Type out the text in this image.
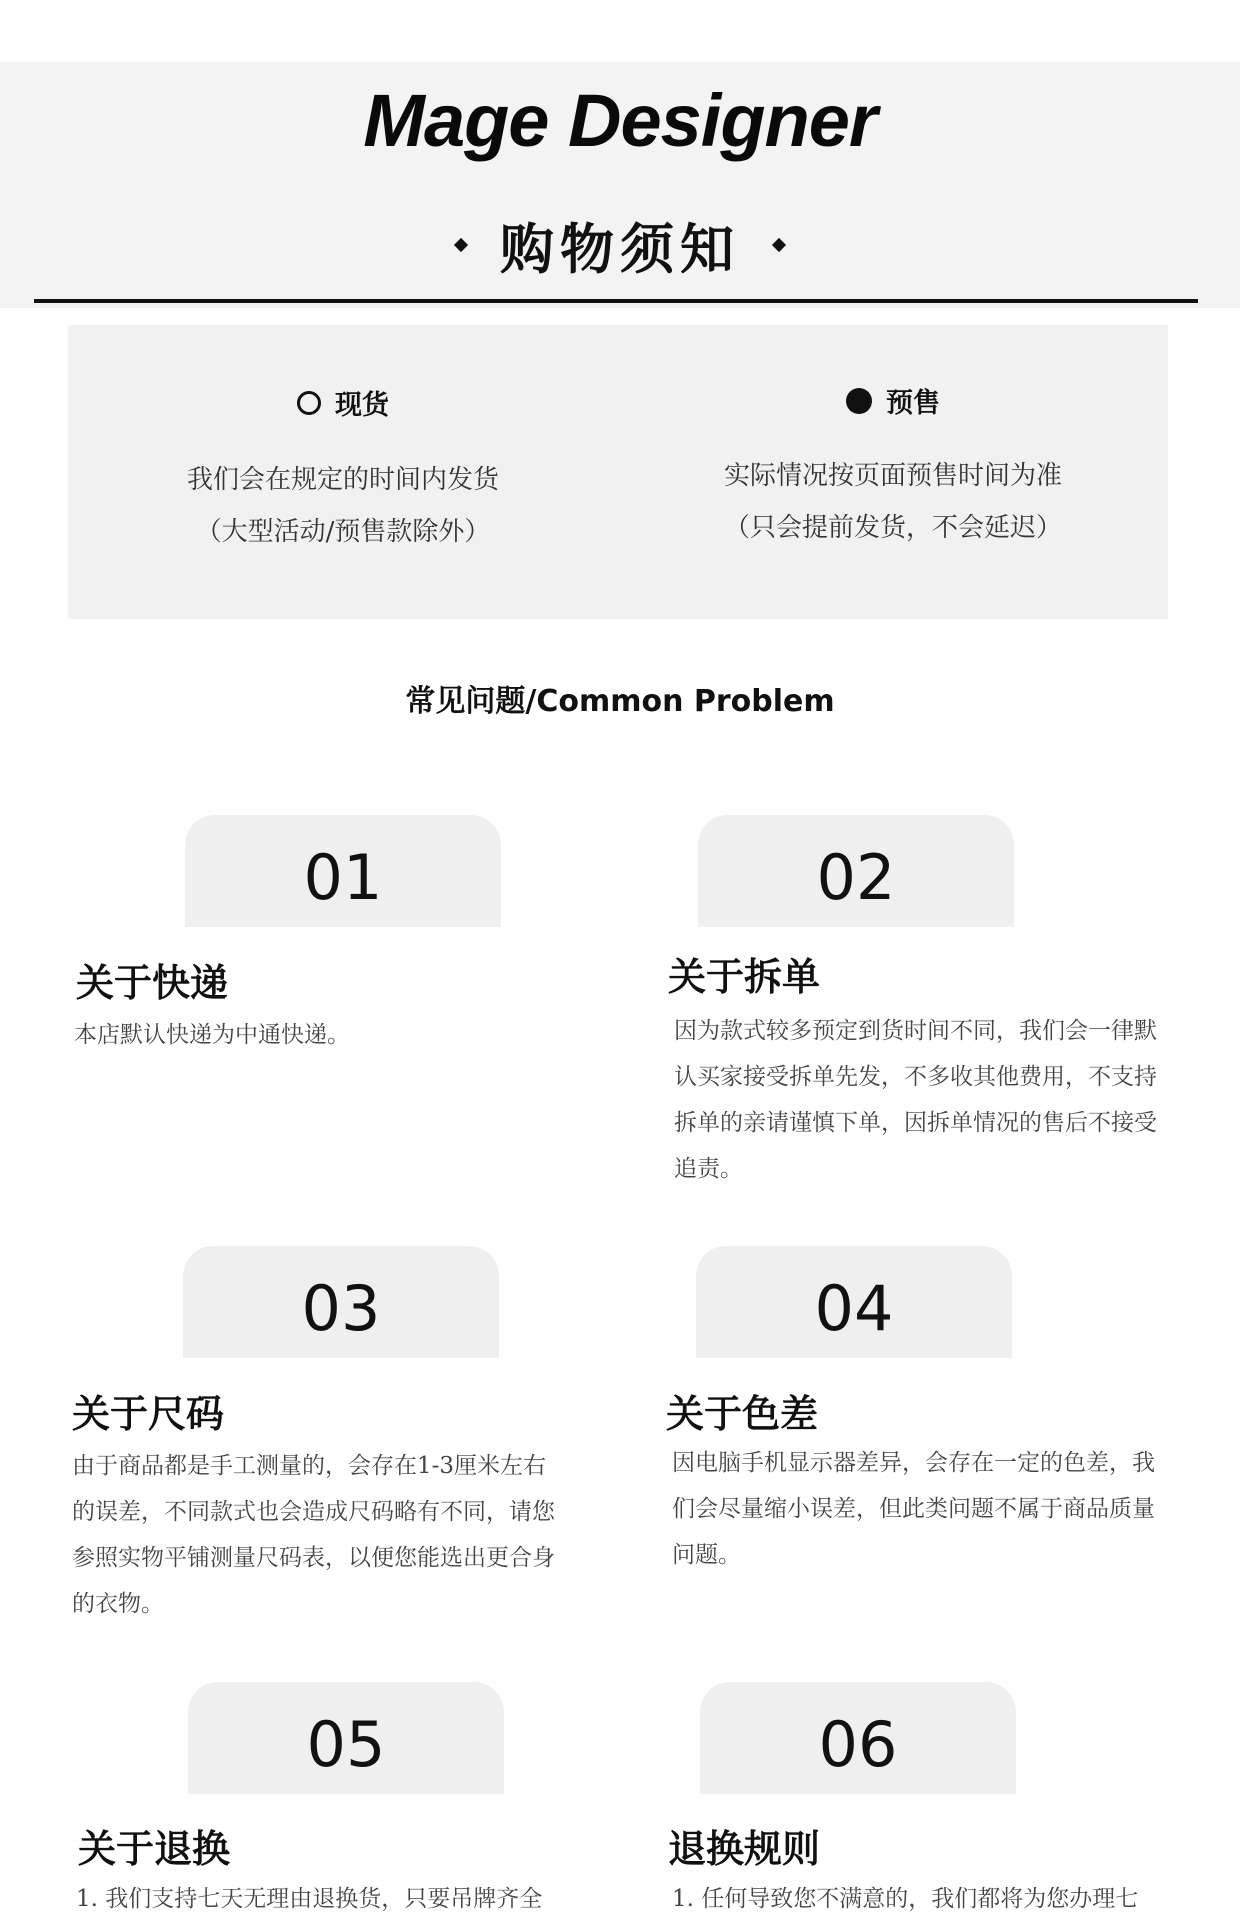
Mage Designer
购物须知
现货
我们会在规定的时间内发货
（大型活动/预售款除外）
预售
实际情况按页面预售时间为准
（只会提前发货，不会延迟）
常见问题/Common Problem
01
关于快递
本店默认快递为中通快递。
02
关于拆单
因为款式较多预定到货时间不同，我们会一律默认买家接受拆单先发，不多收其他费用，不支持拆单的亲请谨慎下单，因拆单情况的售后不接受追责。
03
关于尺码
由于商品都是手工测量的，会存在1-3厘米左右的误差，不同款式也会造成尺码略有不同，请您参照实物平铺测量尺码表，以便您能选出更合身的衣物。
04
关于色差
因电脑手机显示器差异，会存在一定的色差，我们会尽量缩小误差，但此类问题不属于商品质量问题。
05
关于退换
1. 我们支持七天无理由退换货，只要吊牌齐全
06
退换规则
1. 任何导致您不满意的，我们都将为您办理七
